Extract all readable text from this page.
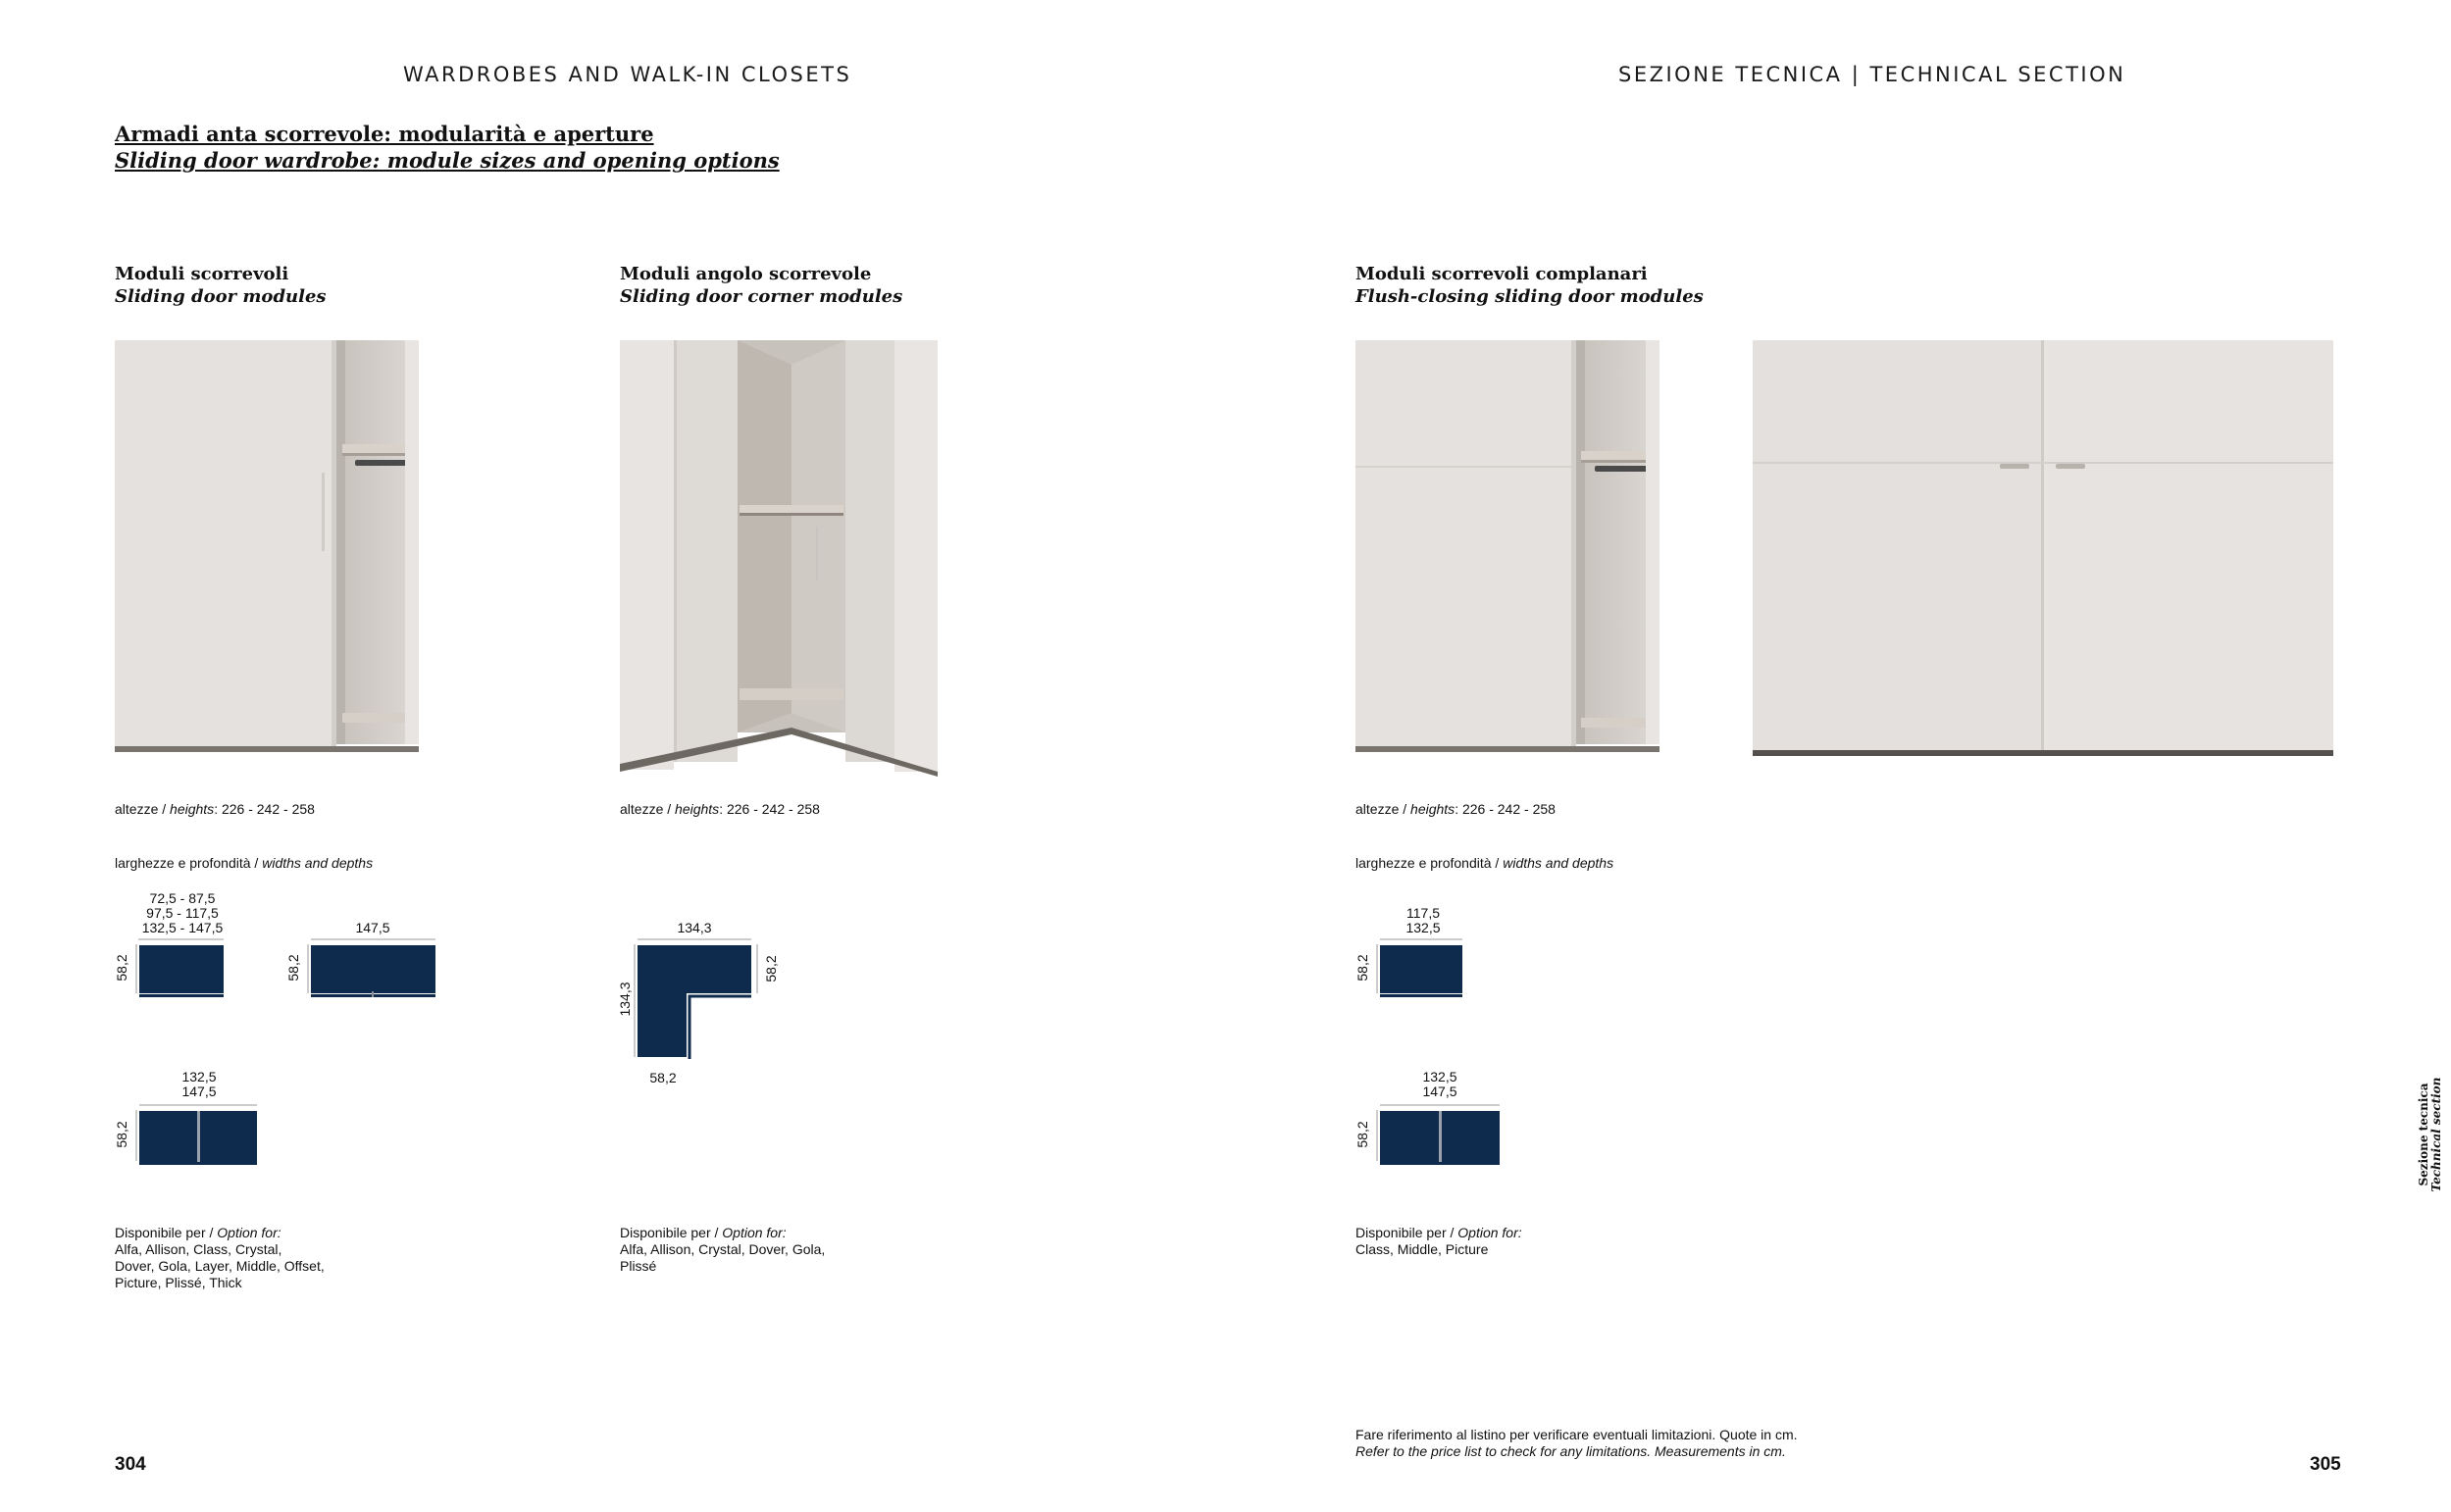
WARDROBES AND WALK-IN CLOSETS	SEZIONE TECNICA | TECHNICAL SECTION
Armadi anta scorrevole: modularità e aperture
Sliding door wardrobe: module sizes and opening options
Moduli scorrevoli
Sliding door modules
Moduli angolo scorrevole
Sliding door corner modules
Moduli scorrevoli complanari
Flush-closing sliding door modules
altezze / heights: 226 - 242 - 258	altezze / heights: 226 - 242 - 258	altezze / heights: 226 - 242 - 258
larghezze e profondità / widths and depths	larghezze e profondità / widths and depths
72,5 - 87,5
97,5 - 117,5
132,5 - 147,5
58,2
147,5
58,2
132,5
147,5
58,2
134,3
58,2
134,3
58,2
117,5
132,5
58,2
132,5
147,5
58,2
Disponibile per / Option for:
Alfa, Allison, Class, Crystal,
Dover, Gola, Layer, Middle, Offset,
Picture, Plissé, Thick
Disponibile per / Option for:
Alfa, Allison, Crystal, Dover, Gola,
Plissé
Disponibile per / Option for:
Class, Middle, Picture
Fare riferimento al listino per verificare eventuali limitazioni. Quote in cm.
Refer to the price list to check for any limitations. Measurements in cm.
Sezione tecnica Technical section
304	305
